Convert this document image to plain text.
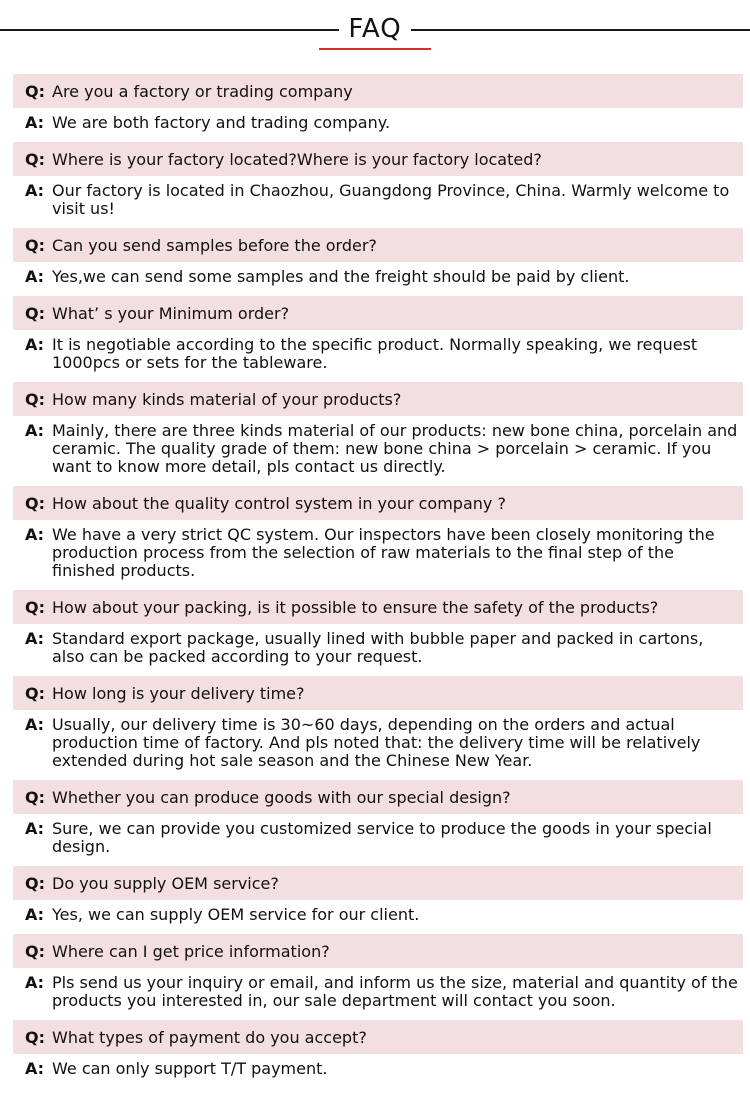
FAQ
Q: Are you a factory or trading company
A: We are both factory and trading company.
Q: Where is your factory located?Where is your factory located?
A: Our factory is located in Chaozhou, Guangdong Province, China. Warmly welcome to visit us!
Q: Can you send samples before the order?
A: Yes,we can send some samples and the freight should be paid by client.
Q: What’ s your Minimum order?
A: It is negotiable according to the specific product. Normally speaking, we request 1000pcs or sets for the tableware.
Q: How many kinds material of your products?
A: Mainly, there are three kinds material of our products: new bone china, porcelain and ceramic. The quality grade of them: new bone china > porcelain > ceramic. If you want to know more detail, pls contact us directly.
Q: How about the quality control system in your company ?
A: We have a very strict QC system. Our inspectors have been closely monitoring the production process from the selection of raw materials to the final step of the finished products.
Q: How about your packing, is it possible to ensure the safety of the products?
A: Standard export package, usually lined with bubble paper and packed in cartons, also can be packed according to your request.
Q: How long is your delivery time?
A: Usually, our delivery time is 30~60 days, depending on the orders and actual production time of factory. And pls noted that: the delivery time will be relatively extended during hot sale season and the Chinese New Year.
Q: Whether you can produce goods with our special design?
A: Sure, we can provide you customized service to produce the goods in your special design.
Q: Do you supply OEM service?
A: Yes, we can supply OEM service for our client.
Q: Where can I get price information?
A: Pls send us your inquiry or email, and inform us the size, material and quantity of the products you interested in, our sale department will contact you soon.
Q: What types of payment do you accept?
A: We can only support T/T payment.
